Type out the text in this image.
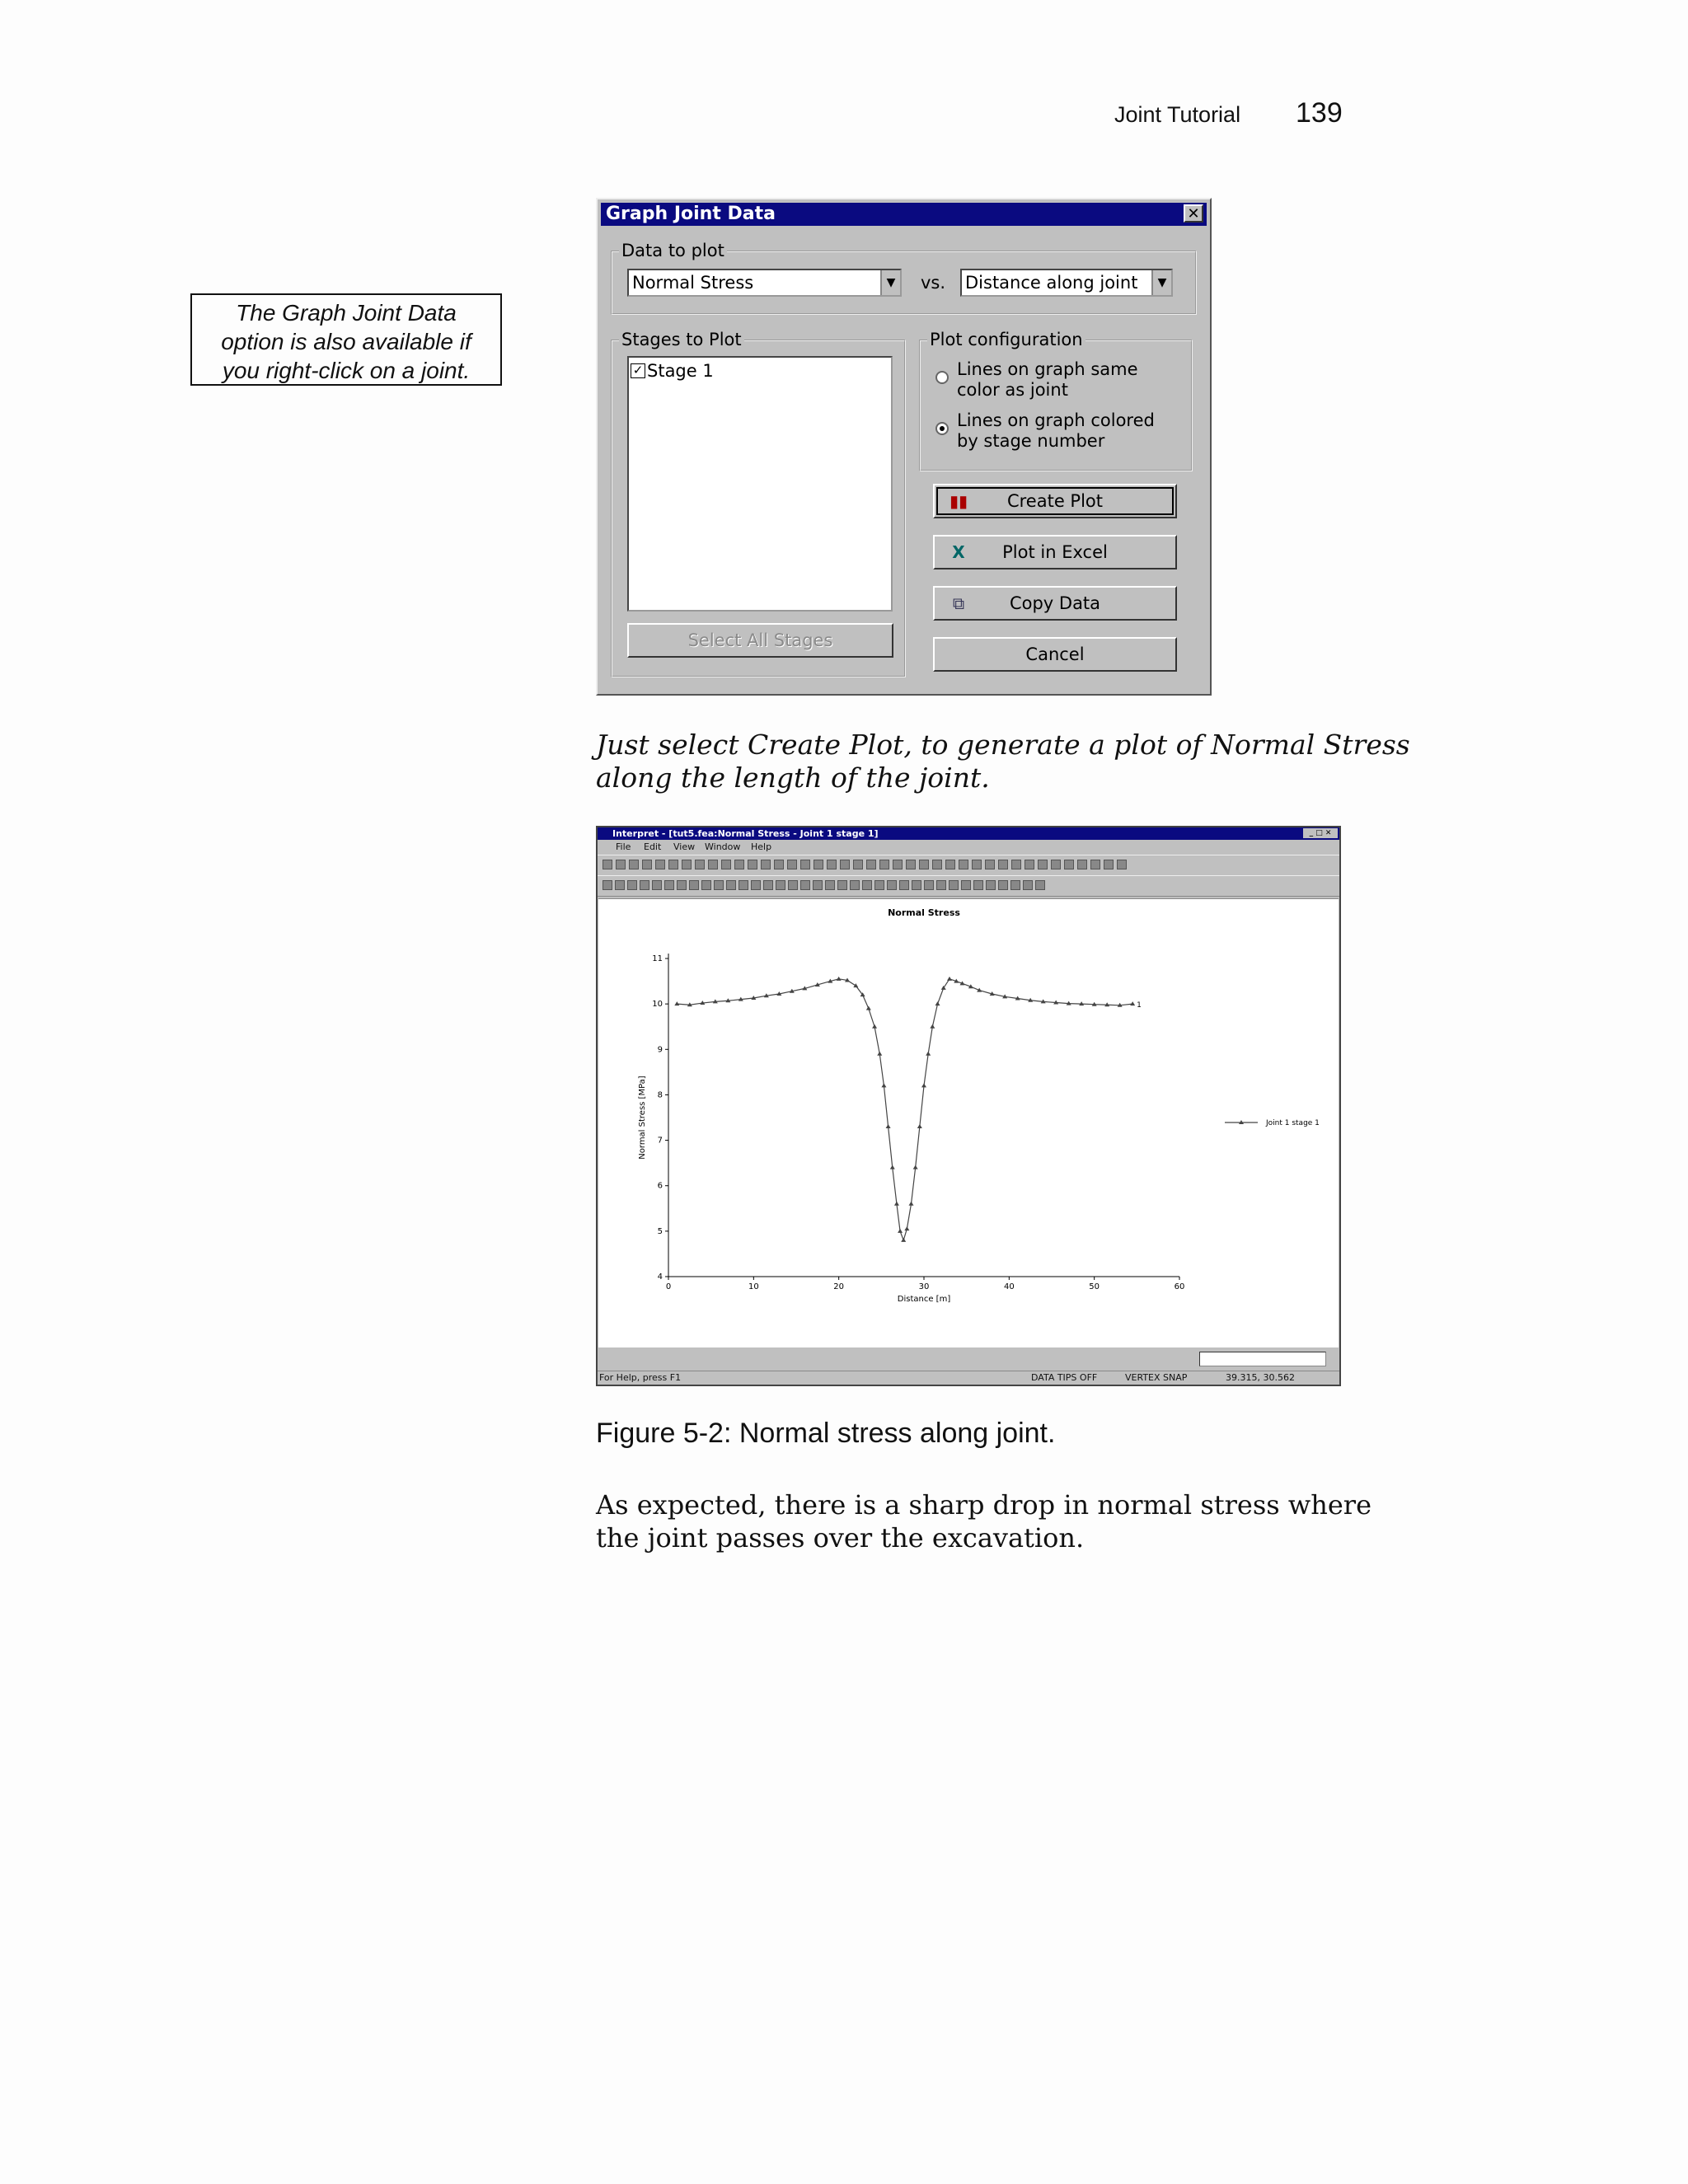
Joint Tutorial 139
The Graph Joint Data
option is also available if
you right-click on a joint.
Graph Joint Data	✕
Data to plot
Normal Stress	▼ vs. Distance along joint	▼
Stages to Plot
✓ Stage 1
Select All Stages
Plot configuration
Lines on graph same
color as joint
Lines on graph colored
by stage number
▮▮ Create Plot
X Plot in Excel
⧉	Copy Data
Cancel
Just select Create Plot, to generate a plot of Normal Stress
along the length of the joint.
Interpret - [tut5.fea:Normal Stress - Joint 1 stage 1]	_ □ ✕
File Edit View Window Help
Normal Stress
0	10	20	30	40	50	60
4
5
6
7
8
9
10
11
Distance [m]
Normal Stress [MPa]
1
Joint 1 stage 1
For Help, press F1	DATA TIPS OFF	VERTEX SNAP	39.315, 30.562
Figure 5-2: Normal stress along joint.
As expected, there is a sharp drop in normal stress where
the joint passes over the excavation.
